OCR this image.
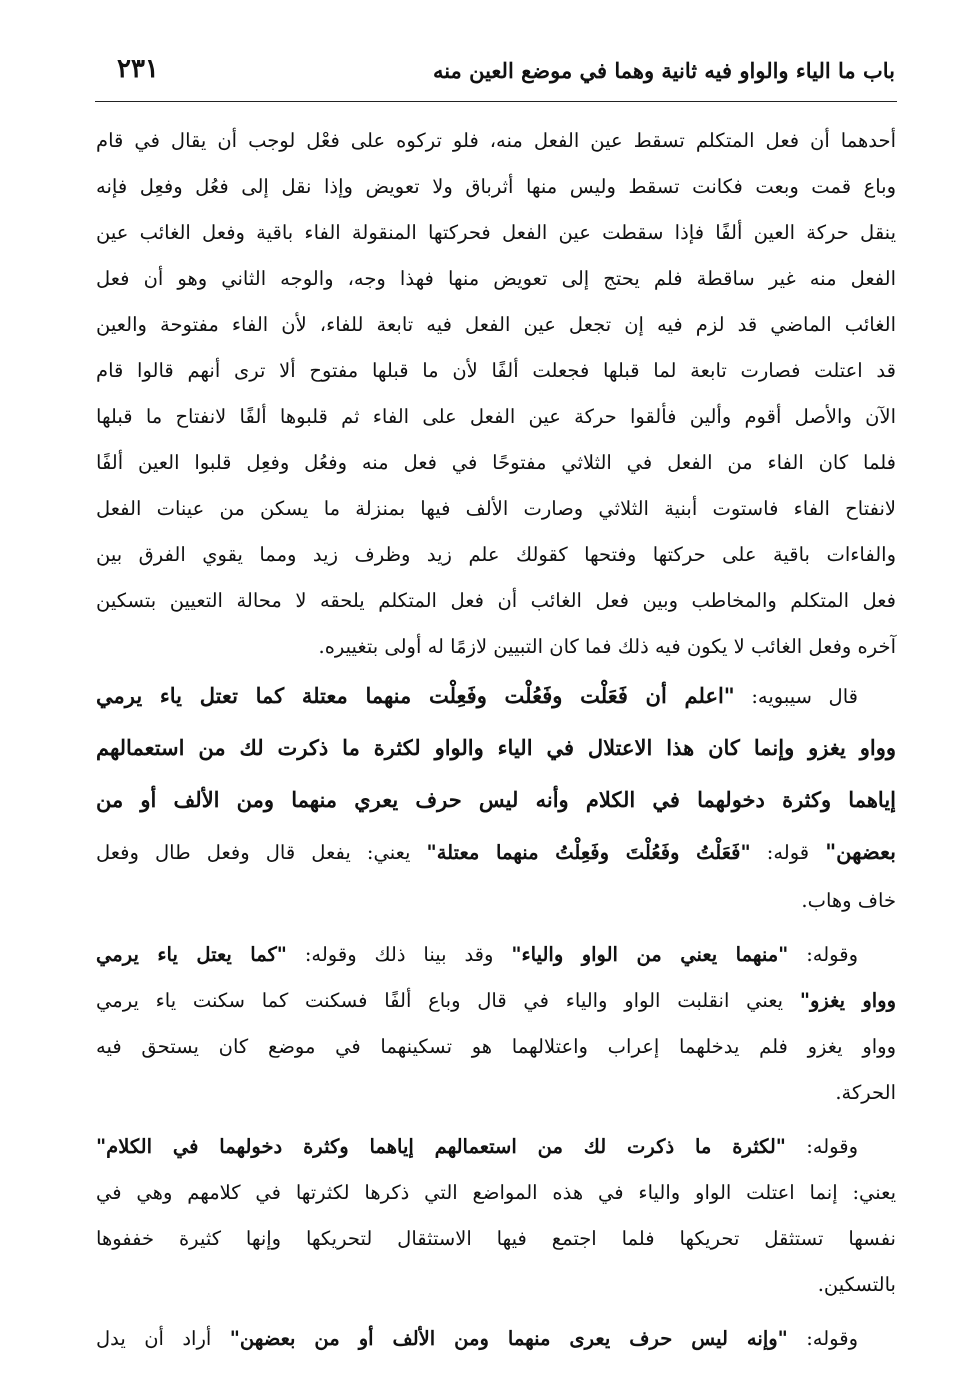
باب ما الياء والواو فيه ثانية وهما في موضع العين منه
٢٣١
أحدهما أن فعل المتكلم تسقط عين الفعل منه، فلو تركوه على فعْل لوجب أن يقال في قام
وباع قمت وبعت فكانت تسقط وليس منها أثرباق ولا تعويض وإذا نقل إلى فعُل وفعِل فإنه
ينقل حركة العين ألفًا فإذا سقطت عين الفعل فحركتها المنقولة الفاء باقية وفعل الغائب عين
الفعل منه غير ساقطة فلم يحتج إلى تعويض منها فهذا وجه، والوجه الثاني وهو أن فعل
الغائب الماضي قد لزم فيه إن تجعل عين الفعل فيه تابعة للفاء، لأن الفاء مفتوحة والعين
قد اعتلت فصارت تابعة لما قبلها فجعلت ألفًا لأن ما قبلها مفتوح ألا ترى أنهم قالوا قام
الآن والأصل أقوم وألين فألقوا حركة عين الفعل على الفاء ثم قلبوها ألفًا لانفتاح ما قبلها
فلما كان الفاء من الفعل في الثلاثي مفتوحًا في فعل منه وفعُل وفعِل قلبوا العين ألفًا
لانفتاح الفاء فاستوت أبنية الثلاثي وصارت الألف فيها بمنزلة ما يسكن من عينات الفعل
والفاءات باقية على حركتها وفتحها كقولك علم زيد وظرف زيد ومما يقوي الفرق بين
فعل المتكلم والمخاطب وبين فعل الغائب أن فعل المتكلم يلحقه لا محالة التعيين بتسكين
آخره وفعل الغائب لا يكون فيه ذلك فما كان التبيين لازمًا له أولى بتغييره.
قال سيبويه: "اعلم أن فَعَلْت وفَعُلْت وفَعِلْت منهما معتلة كما تعتل ياء يرمي
وواو يغزو وإنما كان هذا الاعتلال في الياء والواو لكثرة ما ذكرت لك من استعمالهم
إياهما وكثرة دخولهما في الكلام وأنه ليس حرف يعري منهما ومن الألف أو من
بعضهن" قوله: "فَعَلْتُ وفَعُلْتَ وفَعِلْتُ منهما معتلة" يعني: يفعل قال وفعل طال وفعل
خاف وهاب.
وقوله: "منهما يعني من الواو والياء" وقد بينا ذلك وقوله: "كما يعتل ياء يرمي
وواو يغزو" يعني انقلبت الواو والياء في قال وباع ألفًا فسكنت كما سكنت ياء يرمي
وواو يغزو فلم يدخلهما إعراب واعتلالهما هو تسكينهما في موضع كان يستحق فيه
الحركة.
وقوله: "لكثرة ما ذكرت لك من استعمالهم إياهما وكثرة دخولهما في الكلام"
يعني: إنما اعتلت الواو والياء في هذه المواضع التي ذكرها لكثرتها في كلامهم وهي في
نفسها تستثقل تحريكها فلما اجتمع فيها الاستثقال لتحريكها وإنها كثيرة خففوها
بالتسكين.
وقوله: "وإنه ليس حرف يعرى منهما ومن الألف أو من بعضهن" أراد أن يدل
